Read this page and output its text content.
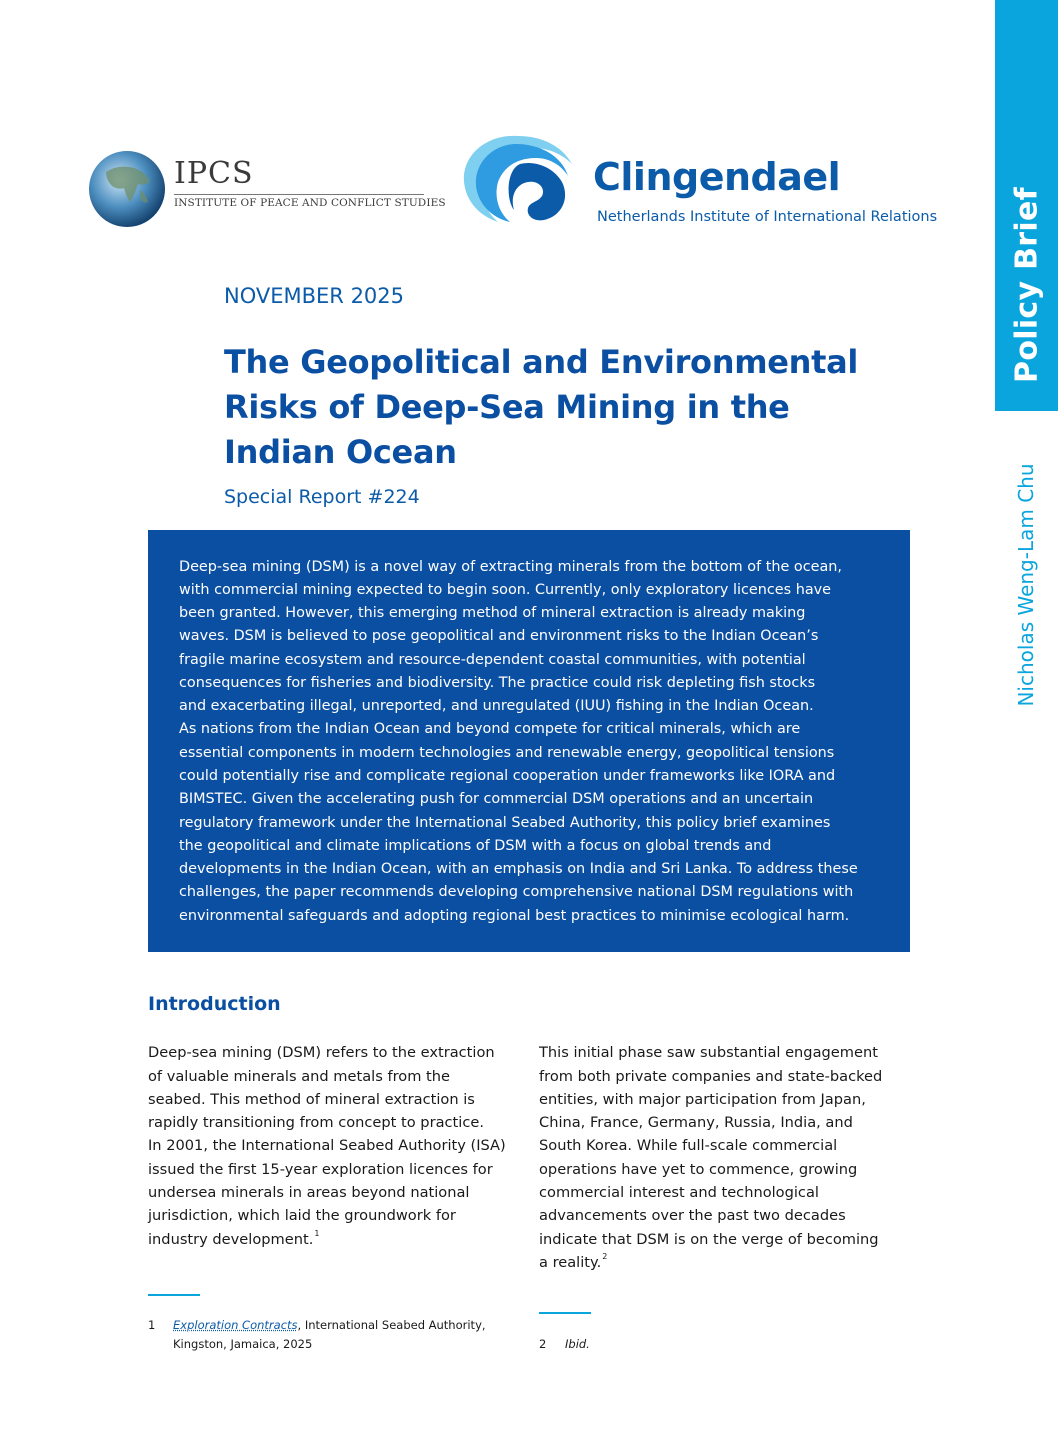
Policy Brief
Nicholas Weng-Lam Chu
IPCS
INSTITUTE OF PEACE AND CONFLICT STUDIES
Clingendael
Netherlands Institute of International Relations
NOVEMBER 2025
The Geopolitical and Environmental
Risks of Deep-Sea Mining in the
Indian Ocean
Special Report #224
Deep-sea mining (DSM) is a novel way of extracting minerals from the bottom of the ocean,
with commercial mining expected to begin soon. Currently, only exploratory licences have
been granted. However, this emerging method of mineral extraction is already making
waves. DSM is believed to pose geopolitical and environment risks to the Indian Ocean’s
fragile marine ecosystem and resource-dependent coastal communities, with potential
consequences for fisheries and biodiversity. The practice could risk depleting fish stocks
and exacerbating illegal, unreported, and unregulated (IUU) fishing in the Indian Ocean.
As nations from the Indian Ocean and beyond compete for critical minerals, which are
essential components in modern technologies and renewable energy, geopolitical tensions
could potentially rise and complicate regional cooperation under frameworks like IORA and
BIMSTEC. Given the accelerating push for commercial DSM operations and an uncertain
regulatory framework under the International Seabed Authority, this policy brief examines
the geopolitical and climate implications of DSM with a focus on global trends and
developments in the Indian Ocean, with an emphasis on India and Sri Lanka. To address these
challenges, the paper recommends developing comprehensive national DSM regulations with
environmental safeguards and adopting regional best practices to minimise ecological harm.
Introduction
Deep-sea mining (DSM) refers to the extraction
of valuable minerals and metals from the
seabed. This method of mineral extraction is
rapidly transitioning from concept to practice.
In 2001, the International Seabed Authority (ISA)
issued the first 15-year exploration licences for
undersea minerals in areas beyond national
jurisdiction, which laid the groundwork for
industry development.$^1$
This initial phase saw substantial engagement
from both private companies and state-backed
entities, with major participation from Japan,
China, France, Germany, Russia, India, and
South Korea. While full-scale commercial
operations have yet to commence, growing
commercial interest and technological
advancements over the past two decades
indicate that DSM is on the verge of becoming
a reality.$^2$
1 Exploration Contracts, International Seabed Authority,
Kingston, Jamaica, 2025	2 Ibid.
